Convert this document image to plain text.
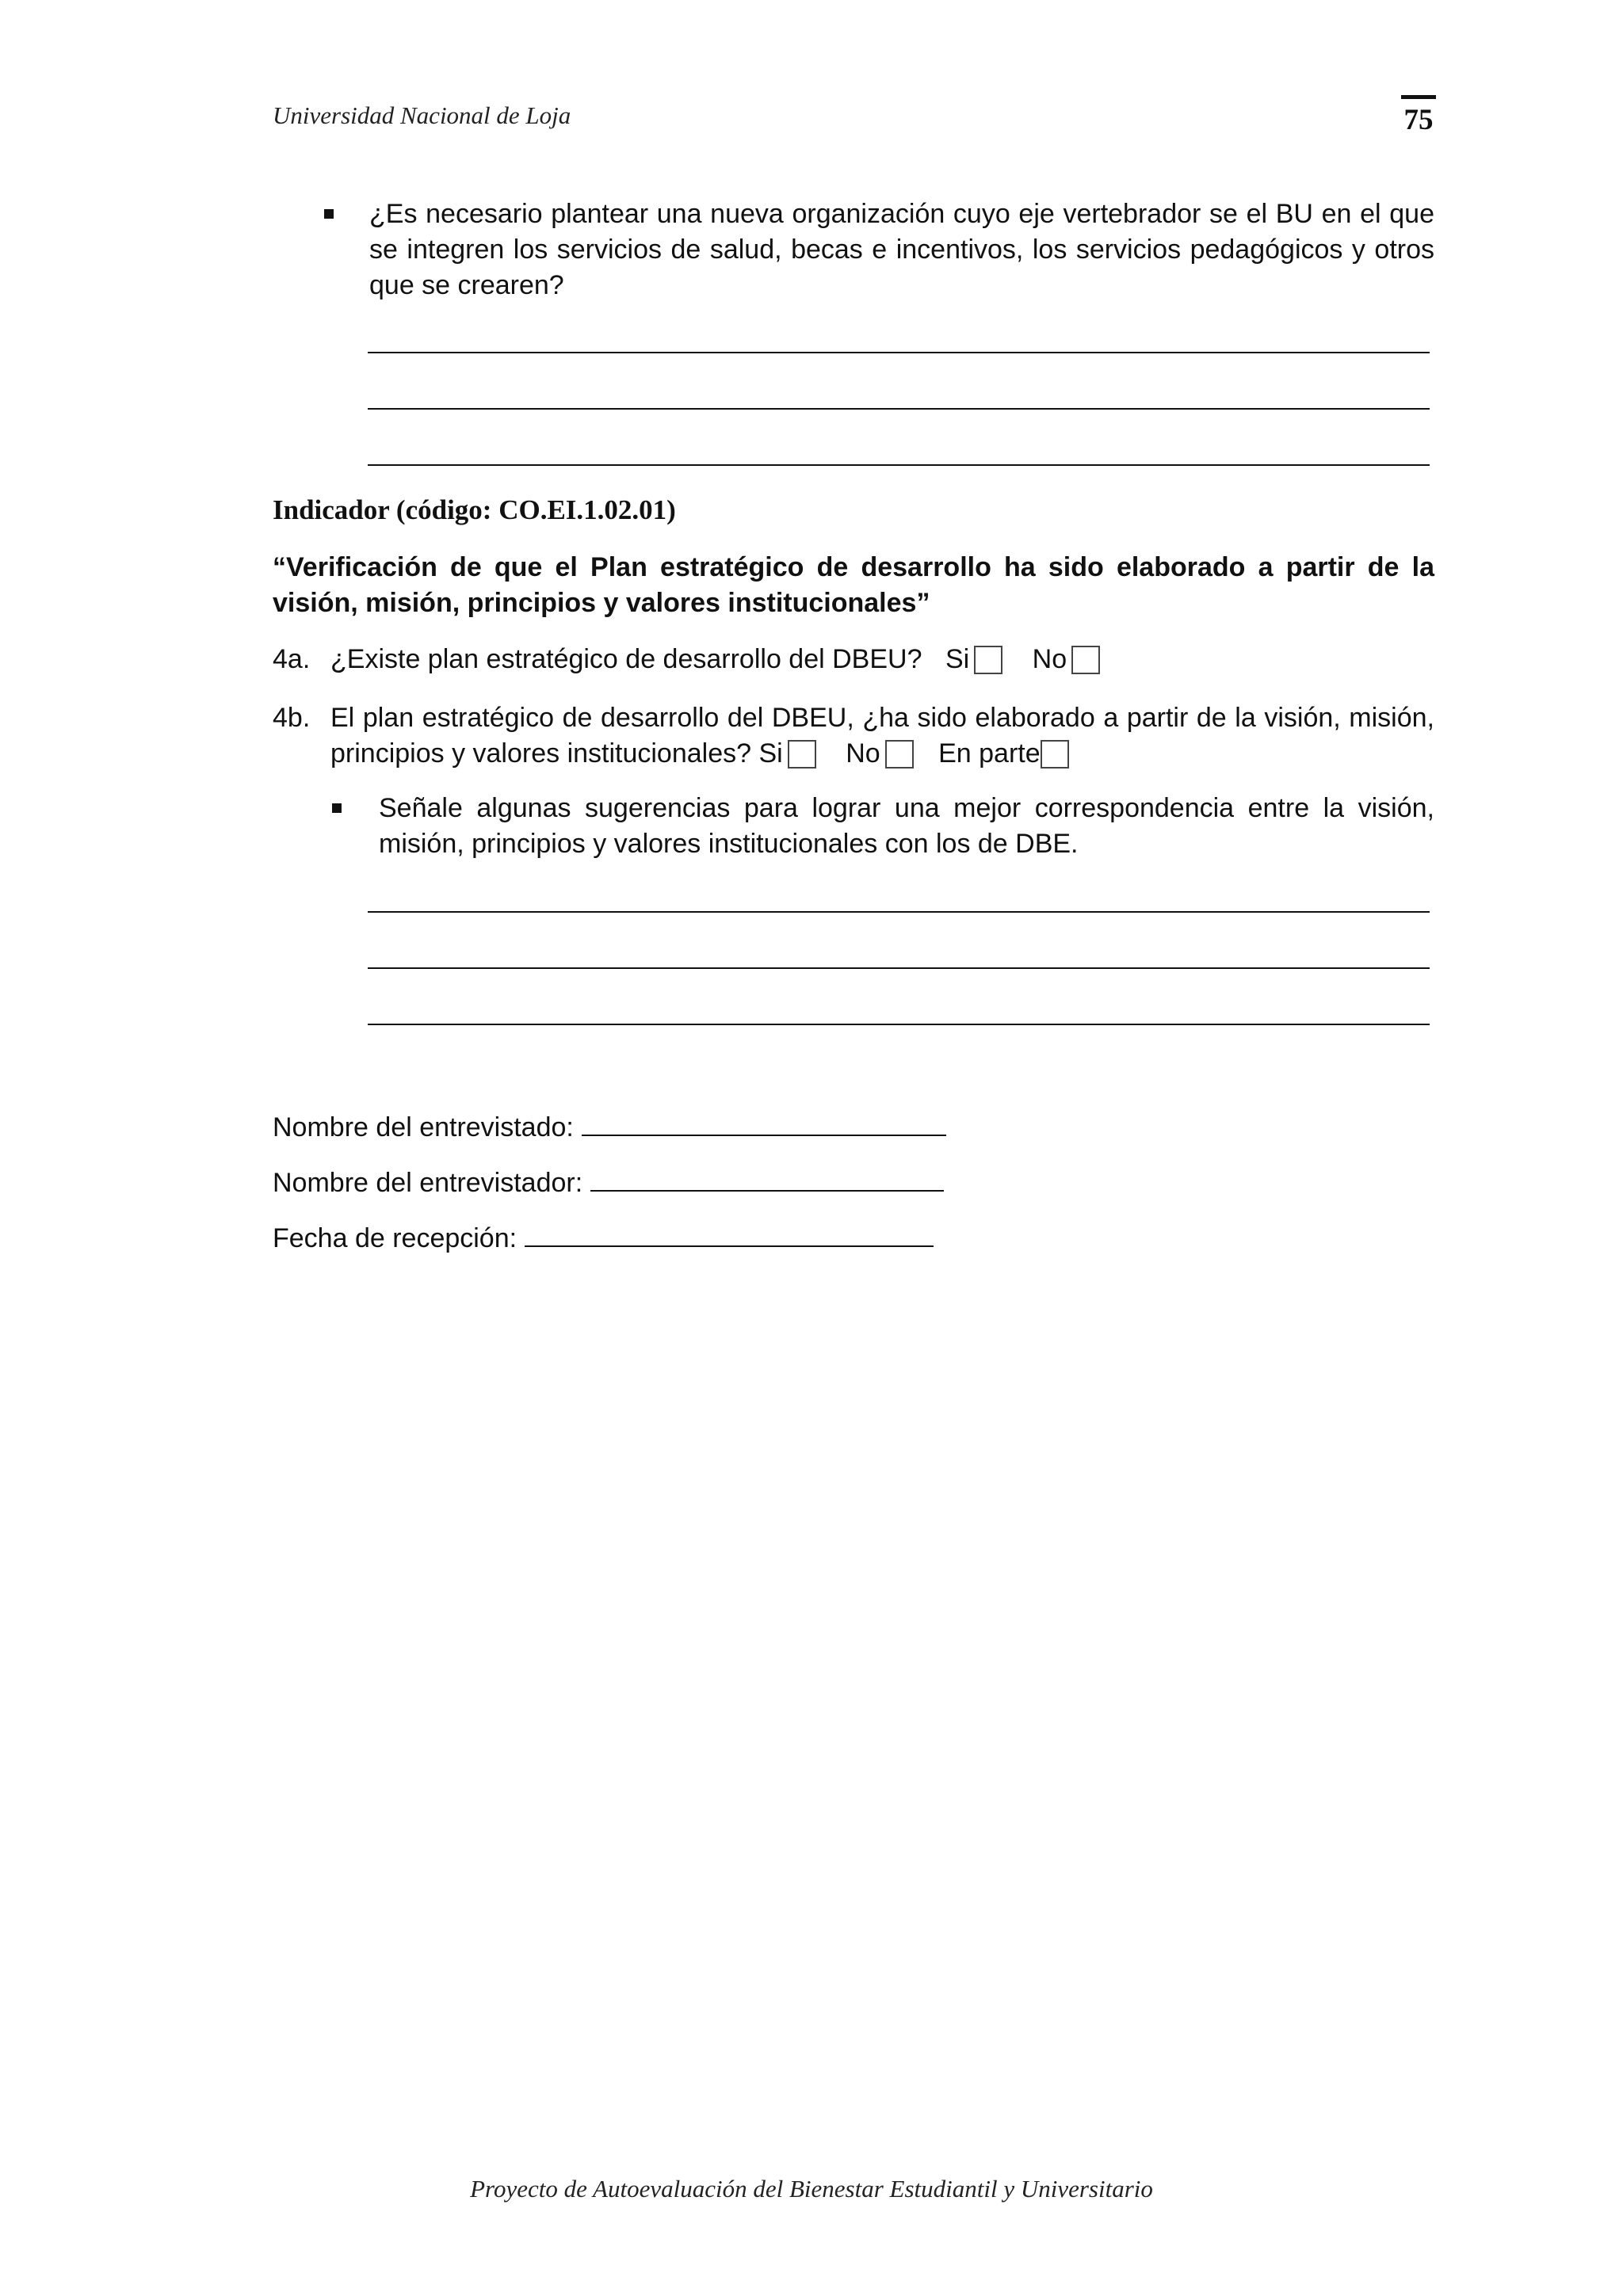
Universidad Nacional de Loja	75
¿Es necesario plantear una nueva organización cuyo eje vertebrador se el BU en el que se integren los servicios de salud, becas e incentivos, los servicios pedagógicos y otros que se crearen?
Indicador (código: CO.EI.1.02.01)
“Verificación de que el Plan estratégico de desarrollo ha sido elaborado a partir de la visión, misión, principios y valores institucionales”
4a. ¿Existe plan estratégico de desarrollo del DBEU? Si No
4b. El plan estratégico de desarrollo del DBEU, ¿ha sido elaborado a partir de la visión, misión, principios y valores institucionales? Si No En parte
Señale algunas sugerencias para lograr una mejor correspondencia entre la visión, misión, principios y valores institucionales con los de DBE.
Nombre del entrevistado:
Nombre del entrevistador:
Fecha de recepción:
Proyecto de Autoevaluación del Bienestar Estudiantil y Universitario
